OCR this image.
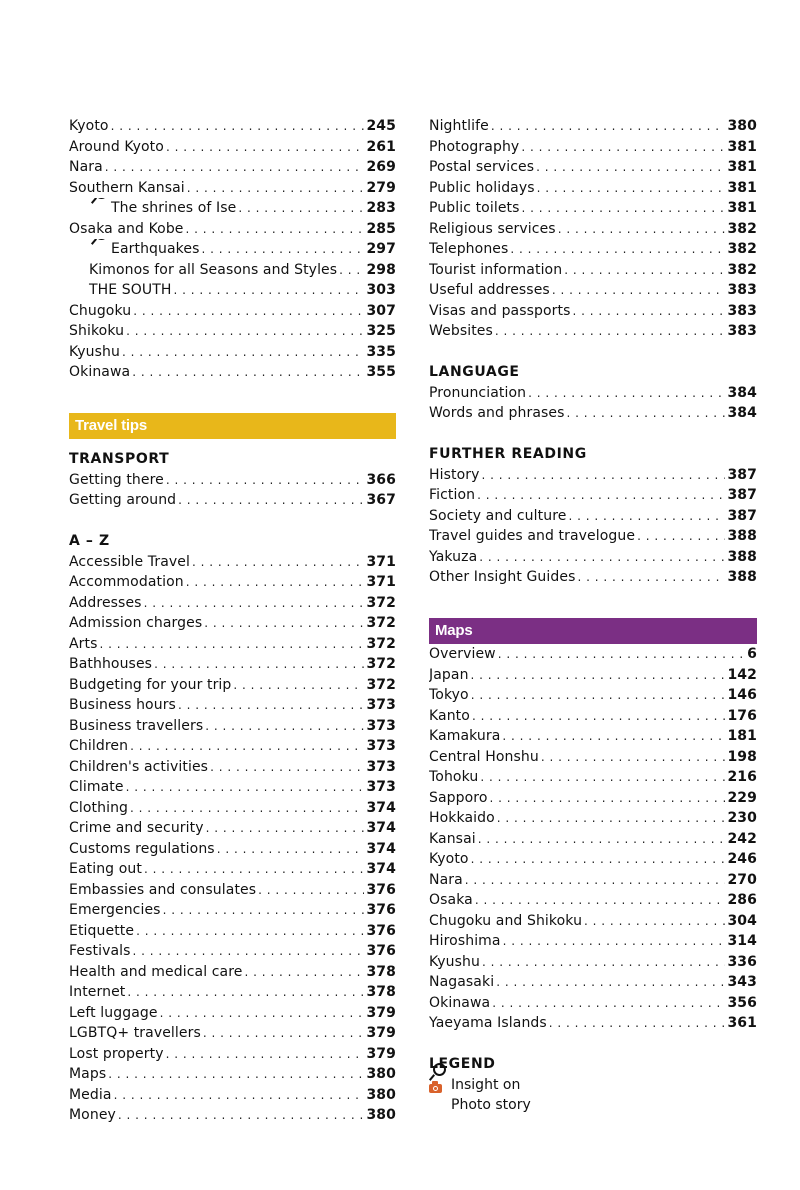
Kyoto . . .	245
Around Kyoto . . .	261
Nara . . .	269
Southern Kansai . . .	279
The shrines of Ise . . .	283
Osaka and Kobe . . .	285
Earthquakes . . .	297
Kimonos for all Seasons and Styles . . . 298
THE SOUTH . . .	303
Chugoku . . .	307
Shikoku . . .	325
Kyushu . . .	335
Okinawa . . .	355
Travel tips
TRANSPORT
Getting there . . .	366
Getting around . . .	367
A – Z
Accessible Travel . . .	371
Accommodation . . .	371
Addresses . . .	372
Admission charges . . .	372
Arts . . .	372
Bathhouses . . .	372
Budgeting for your trip . . .	372
Business hours . . .	373
Business travellers . . .	373
Children . . .	373
Children's activities . . .	373
Climate . . .	373
Clothing . . .	374
Crime and security . . .	374
Customs regulations . . .	374
Eating out . . .	374
Embassies and consulates . . .	376
Emergencies . . .	376
Etiquette . . .	376
Festivals . . .	376
Health and medical care . . .	378
Internet . . .	378
Left luggage . . .	379
LGBTQ+ travellers . . .	379
Lost property . . .	379
Maps . . .	380
Media . . .	380
Money . . .	380
Nightlife . . .	380
Photography . . .	381
Postal services . . .	381
Public holidays . . .	381
Public toilets . . .	381
Religious services . . .	382
Telephones . . .	382
Tourist information . . .	382
Useful addresses . . .	383
Visas and passports . . .	383
Websites . . .	383
LANGUAGE
Pronunciation . . .	384
Words and phrases . . .	384
FURTHER READING
History . . .	387
Fiction . . .	387
Society and culture . . .	387
Travel guides and travelogue . . .	388
Yakuza . . .	388
Other Insight Guides . . .	388
Maps
Overview . . .	6
Japan . . .	142
Tokyo . . .	146
Kanto . . .	176
Kamakura . . .	181
Central Honshu . . .	198
Tohoku . . .	216
Sapporo . . .	229
Hokkaido . . .	230
Kansai . . .	242
Kyoto . . .	246
Nara . . .	270
Osaka . . .	286
Chugoku and Shikoku . . .	304
Hiroshima . . .	314
Kyushu . . .	336
Nagasaki . . .	343
Okinawa . . .	356
Yaeyama Islands . . .	361
LEGEND
Insight on
Photo story
